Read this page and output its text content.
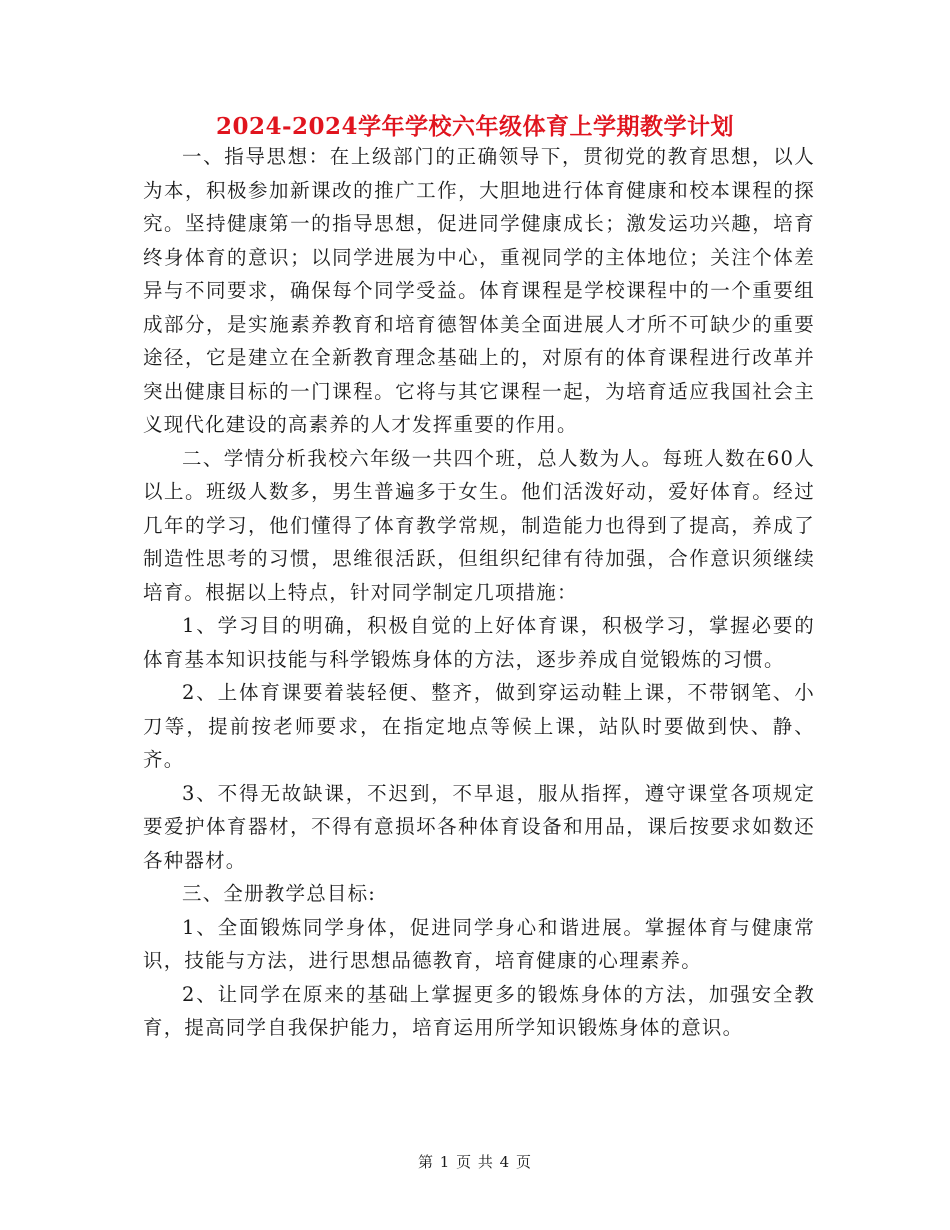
2024-2024学年学校六年级体育上学期教学计划

一、指导思想：在上级部门的正确领导下，贯彻党的教育思想，以人为本，积极参加新课改的推广工作，大胆地进行体育健康和校本课程的探究。坚持健康第一的指导思想，促进同学健康成长；激发运功兴趣，培育终身体育的意识；以同学进展为中心，重视同学的主体地位；关注个体差异与不同要求，确保每个同学受益。体育课程是学校课程中的一个重要组成部分，是实施素养教育和培育德智体美全面进展人才所不可缺少的重要途径，它是建立在全新教育理念基础上的，对原有的体育课程进行改革并突出健康目标的一门课程。它将与其它课程一起，为培育适应我国社会主义现代化建设的高素养的人才发挥重要的作用。

二、学情分析我校六年级一共四个班，总人数为人。每班人数在60人以上。班级人数多，男生普遍多于女生。他们活泼好动，爱好体育。经过几年的学习，他们懂得了体育教学常规，制造能力也得到了提高，养成了制造性思考的习惯，思维很活跃，但组织纪律有待加强，合作意识须继续培育。根据以上特点，针对同学制定几项措施：

1、学习目的明确，积极自觉的上好体育课，积极学习，掌握必要的体育基本知识技能与科学锻炼身体的方法，逐步养成自觉锻炼的习惯。

2、上体育课要着装轻便、整齐，做到穿运动鞋上课，不带钢笔、小刀等，提前按老师要求，在指定地点等候上课，站队时要做到快、静、齐。

3、不得无故缺课，不迟到，不早退，服从指挥，遵守课堂各项规定要爱护体育器材，不得有意损坏各种体育设备和用品，课后按要求如数还各种器材。

三、全册教学总目标:

1、全面锻炼同学身体，促进同学身心和谐进展。掌握体育与健康常识，技能与方法，进行思想品德教育，培育健康的心理素养。

2、让同学在原来的基础上掌握更多的锻炼身体的方法，加强安全教育，提高同学自我保护能力，培育运用所学知识锻炼身体的意识。

第 1 页 共 4 页
